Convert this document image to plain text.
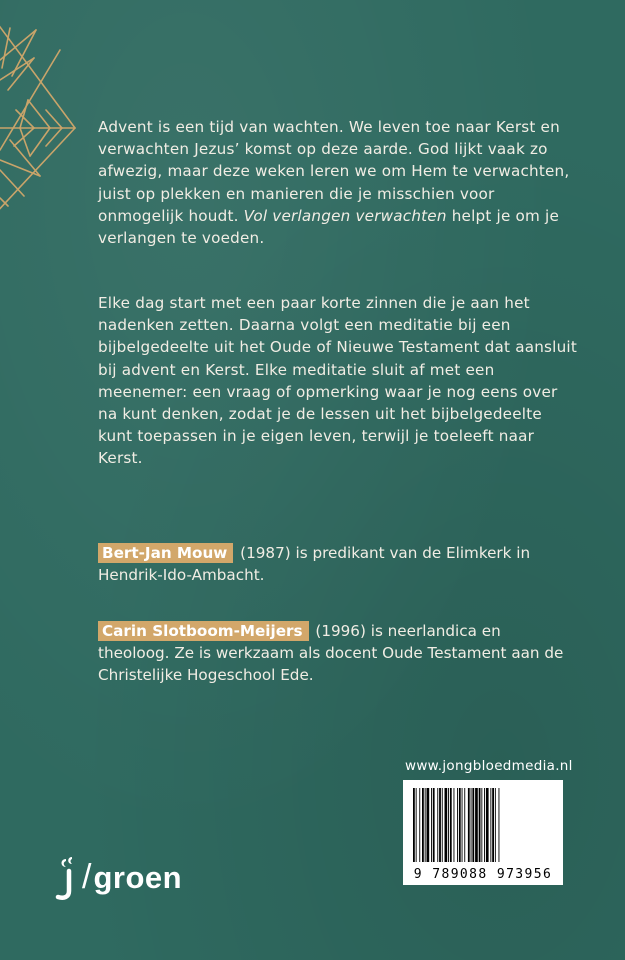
Advent is een tijd van wachten. We leven toe naar Kerst en verwachten Jezus’ komst op deze aarde. God lijkt vaak zo afwezig, maar deze weken leren we om Hem te verwachten, juist op plekken en manieren die je misschien voor onmogelijk houdt. Vol verlangen verwachten helpt je om je verlangen te voeden.

Elke dag start met een paar korte zinnen die je aan het nadenken zetten. Daarna volgt een meditatie bij een bijbelgedeelte uit het Oude of Nieuwe Testament dat aansluit bij advent en Kerst. Elke meditatie sluit af met een meenemer: een vraag of opmerking waar je nog eens over na kunt denken, zodat je de lessen uit het bijbelgedeelte kunt toepassen in je eigen leven, terwijl je toeleeft naar Kerst.

Bert-Jan Mouw (1987) is predikant van de Elimkerk in Hendrik-Ido-Ambacht.

Carin Slotboom-Meijers (1996) is neerlandica en theoloog. Ze is werkzaam als docent Oude Testament aan de Christelijke Hogeschool Ede.

www.jongbloedmedia.nl
9 789088 973956
/ groen
